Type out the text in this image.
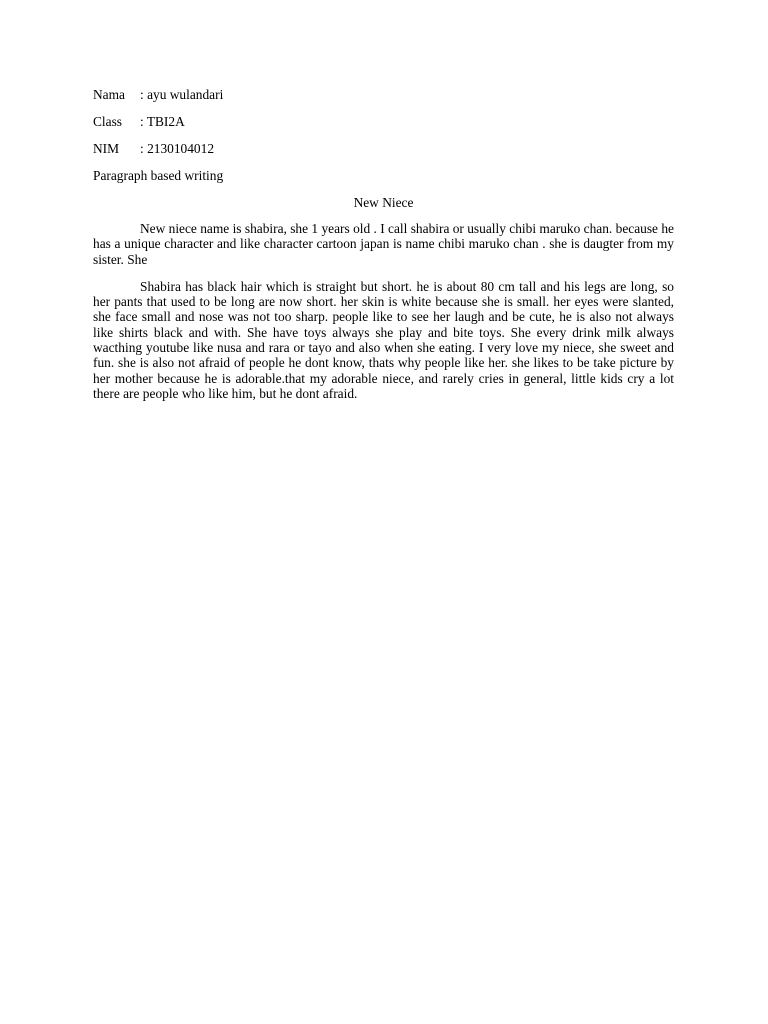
Nama	: ayu wulandari
Class	: TBI2A
NIM	: 2130104012
Paragraph based writing
New Niece

New niece name is shabira, she 1 years old . I call shabira or usually chibi maruko chan. because he has a unique character and like character cartoon japan is name chibi maruko chan . she is daugter from my sister. She

Shabira has black hair which is straight but short. he is about 80 cm tall and his legs are long, so her pants that used to be long are now short. her skin is white because she is small. her eyes were slanted, she face small and nose was not too sharp. people like to see her laugh and be cute, he is also not always like shirts black and with. She have toys always she play and bite toys. She every drink milk always wacthing youtube like nusa and rara or tayo and also when she eating. I very love my niece, she sweet and fun. she is also not afraid of people he dont know, thats why people like her. she likes to be take picture by her mother because he is adorable.that my adorable niece, and rarely cries in general, little kids cry a lot there are people who like him, but he dont afraid.
